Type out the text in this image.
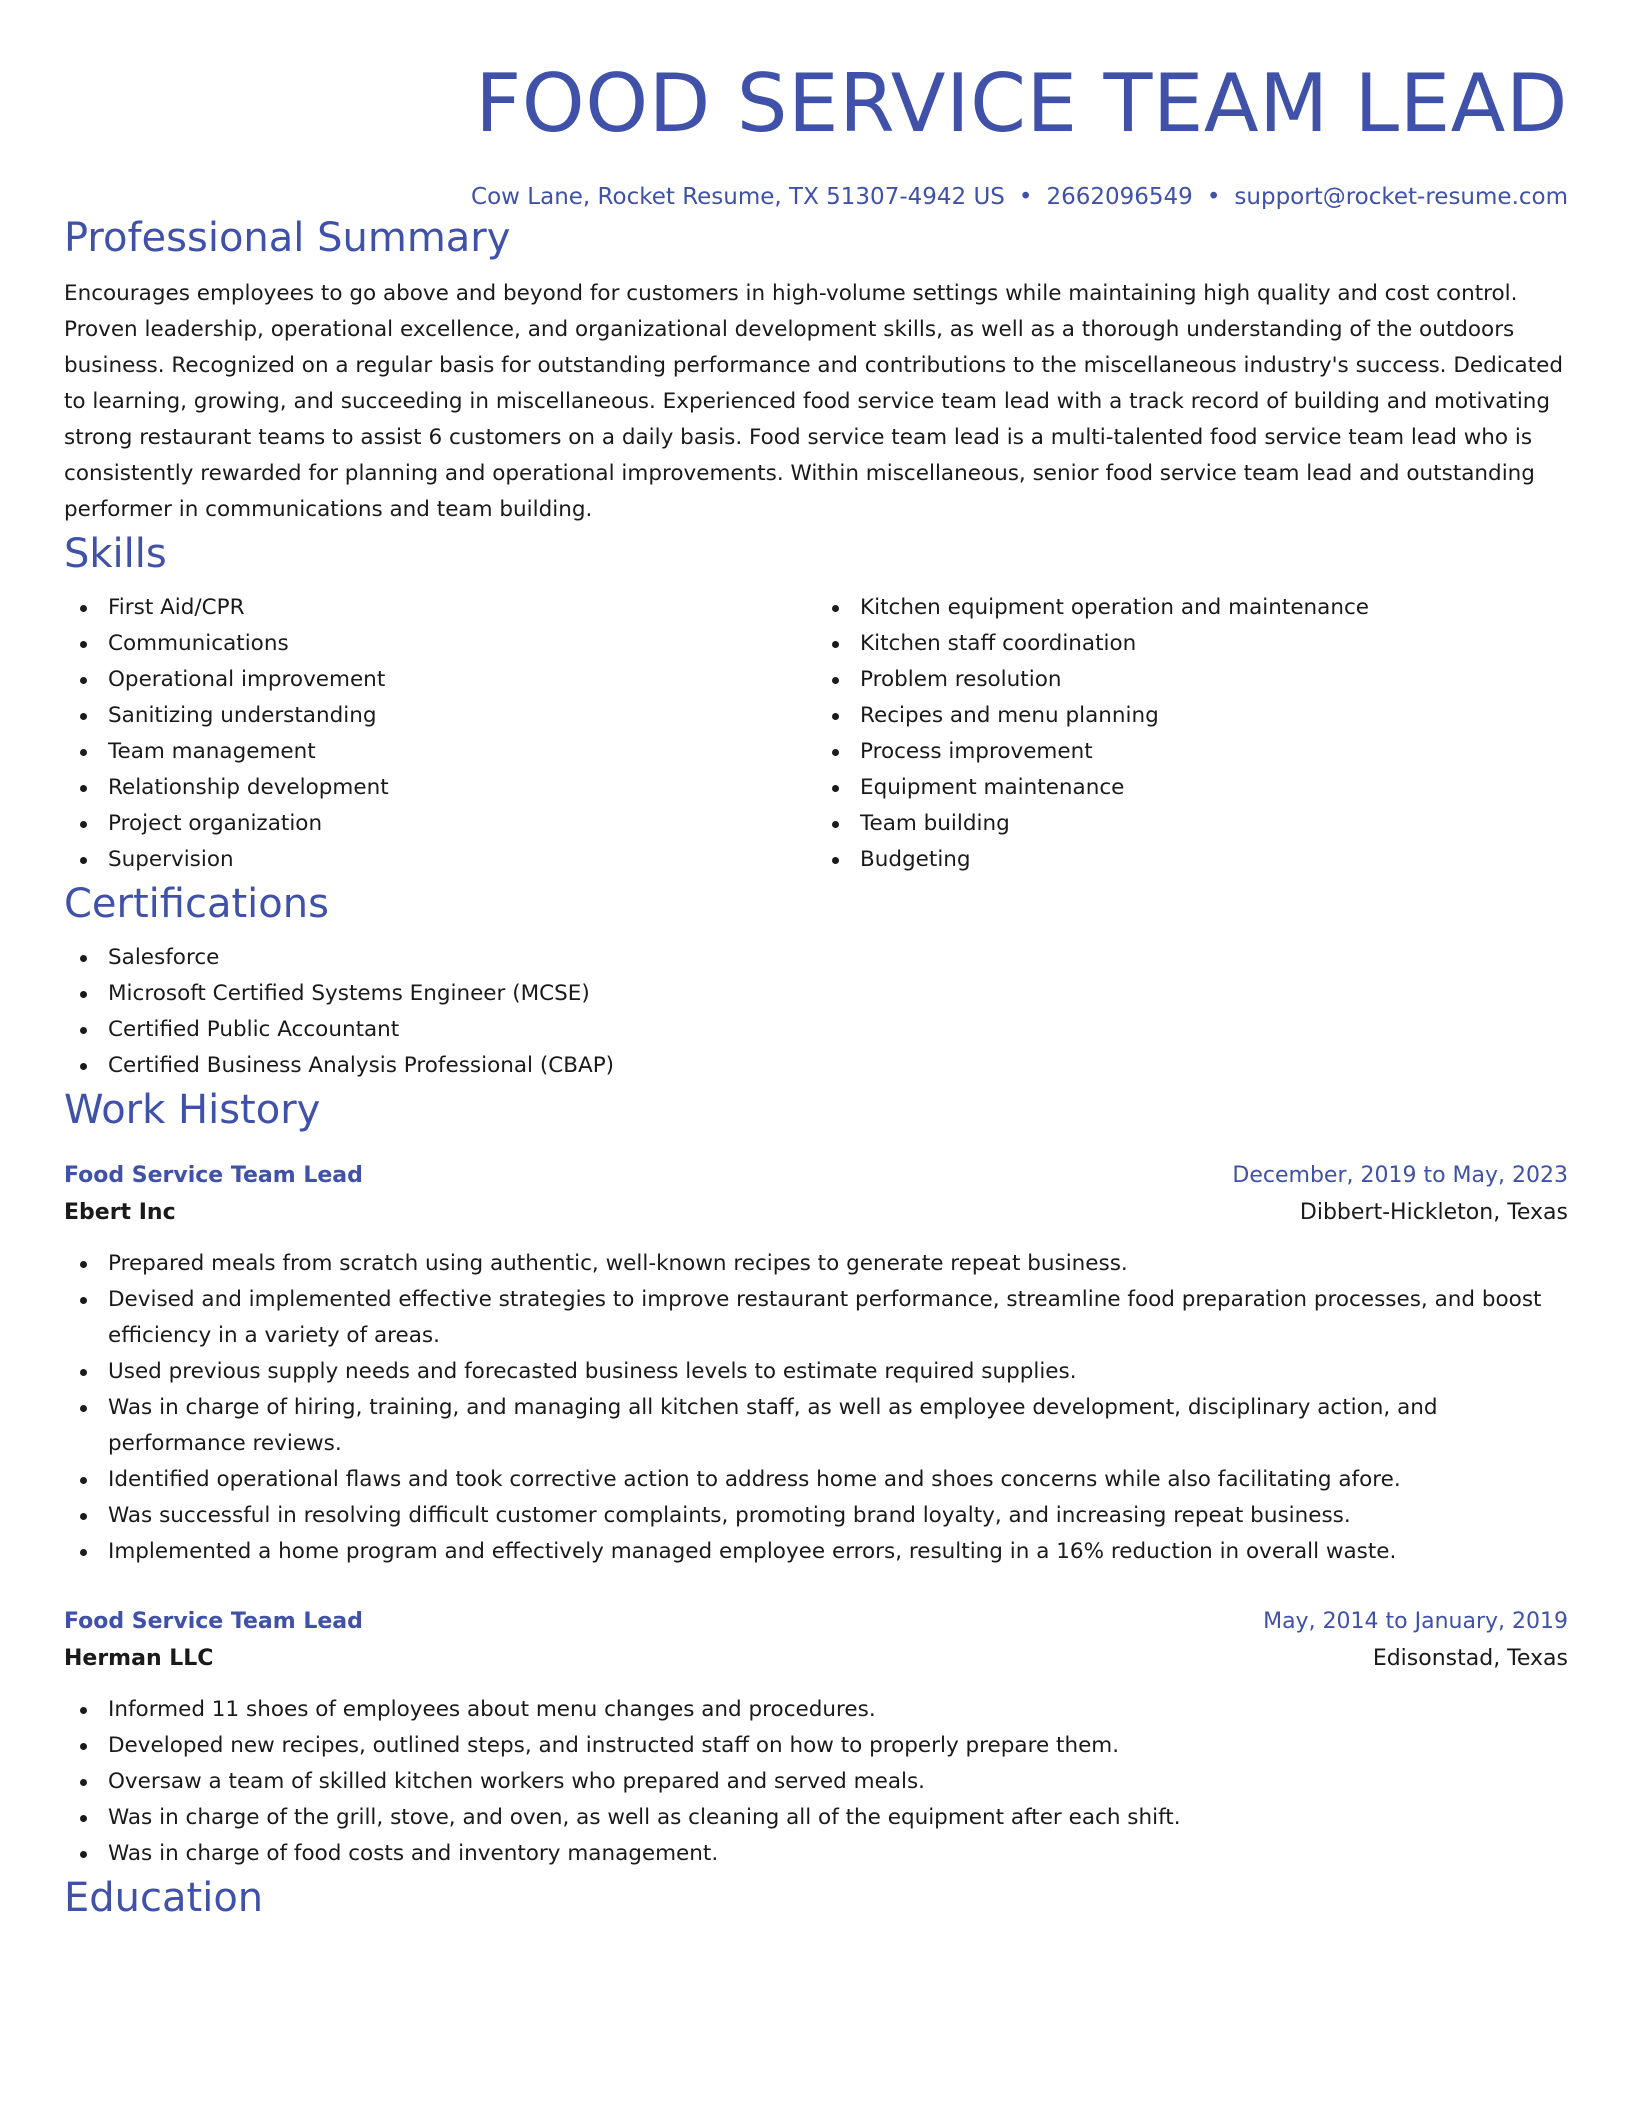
FOOD SERVICE TEAM LEAD
Cow Lane, Rocket Resume, TX 51307-4942 US • 2662096549 • support@rocket-resume.com
Professional Summary
Encourages employees to go above and beyond for customers in high-volume settings while maintaining high quality and cost control. Proven leadership, operational excellence, and organizational development skills, as well as a thorough understanding of the outdoors business. Recognized on a regular basis for outstanding performance and contributions to the miscellaneous industry's success. Dedicated to learning, growing, and succeeding in miscellaneous. Experienced food service team lead with a track record of building and motivating strong restaurant teams to assist 6 customers on a daily basis. Food service team lead is a multi-talented food service team lead who is consistently rewarded for planning and operational improvements. Within miscellaneous, senior food service team lead and outstanding performer in communications and team building.
Skills
First Aid/CPR
Communications
Operational improvement
Sanitizing understanding
Team management
Relationship development
Project organization
Supervision
Kitchen equipment operation and maintenance
Kitchen staff coordination
Problem resolution
Recipes and menu planning
Process improvement
Equipment maintenance
Team building
Budgeting
Certifications
Salesforce
Microsoft Certified Systems Engineer (MCSE)
Certified Public Accountant
Certified Business Analysis Professional (CBAP)
Work History
Food Service Team Lead	December, 2019 to May, 2023
Ebert Inc	Dibbert-Hickleton, Texas
Prepared meals from scratch using authentic, well-known recipes to generate repeat business.
Devised and implemented effective strategies to improve restaurant performance, streamline food preparation processes, and boost efficiency in a variety of areas.
Used previous supply needs and forecasted business levels to estimate required supplies.
Was in charge of hiring, training, and managing all kitchen staff, as well as employee development, disciplinary action, and performance reviews.
Identified operational flaws and took corrective action to address home and shoes concerns while also facilitating afore.
Was successful in resolving difficult customer complaints, promoting brand loyalty, and increasing repeat business.
Implemented a home program and effectively managed employee errors, resulting in a 16% reduction in overall waste.
Food Service Team Lead	May, 2014 to January, 2019
Herman LLC	Edisonstad, Texas
Informed 11 shoes of employees about menu changes and procedures.
Developed new recipes, outlined steps, and instructed staff on how to properly prepare them.
Oversaw a team of skilled kitchen workers who prepared and served meals.
Was in charge of the grill, stove, and oven, as well as cleaning all of the equipment after each shift.
Was in charge of food costs and inventory management.
Education
